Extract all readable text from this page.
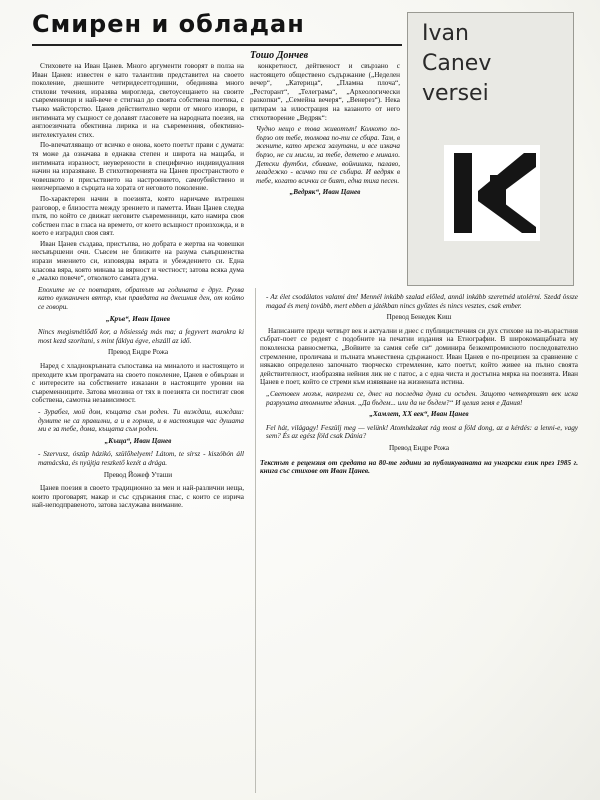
Смирен и обладан
Тошо Дончев

Стиховете на Иван Цанев. Много аргументи говорят в полза на Иван Цанев: известен е като талантлив представител на своето поколение, днешните четиридесетгодишни, обединява много стилови течения, изразява мирогледа, светоусещането на своите съвременници и най-вече е стигнал до своята собствена поетика, с тънко майсторство. Цанев действително черпи от много извори, в интимната му същност се долавят гласовете на народната поезия, на англоезичната обективна лирика и на съвременния, обективно-интелектуален стих.

По-впечатляващо от всичко е онова, което поетът прави с думата: тя може да означава в еднаква степен и широта на мащаба, и интимната изразност, неуверености в специфично индивидуалния начин на изразяване. В стихотворенията на Цанев пространството е човешкото и присъствието на настроението, самоубийствено и неизчерпаемо в сърцата на хората от неговото поколение.

По-характерен начин в поезията, която наричаме вътрешен разговор, е близостта между зрението и паметта. Иван Цанев следва пътя, по който се движат неговите съвременници, като намира своя собствен глас в гласа на времето, от което всъщност произхожда, и в което е изградил своя свят.

Иван Цанев създава, пристъпва, но добрата е жертва на човешки несъвършени очи. Съвсем не близките на разума съвършенства изрази мнението си, изповядва вярата и убеждението си. Една класова вяра, която минава за вярност и честност; затова всяка дума е „малко повече“, отколкото самата дума.

Епохите не се повтарят, обратът на годината е друг. Рухва като вулканичен вятър, към правдата на днешния ден, от който се говори.

„Кръв“, Иван Цанев

Nincs megismétlődő kor, a hősiesség más ma; a fegyvert marokra ki most kezd szorítani, s mint fáklya égve, elszáll az idő.

Превод Ендре Рожа

Наред с хладнокръвната съпоставка на миналото и настоящето и преходите към програмата на своето поколение, Цанев е обвързан и с интересите на собствените изказани в настоящите уровни на съвременниците. Затова мнозина от тях в поезията си постигат своя собствена, самотна независимост.

- Зурабел, мой дом, къщата съм роден. Ти виждаш, виждаш: думите не са правилни, а и в горния, и в настоящия час душата ми е за тебе, дома, къщата съм роден.

„Къща“, Иван Цанев

- Szervusz, ószüp házikó, szülőhelyem! Látom, te sírsz - kiszóbón áll mamácska, és nyújtja reszkető kezét a drága.

Превод Йожеф Уташи

Цанев поезия в своето традиционно за мен и най-различни неща, които проговарят, макар и със сдържания глас, с които се изрича най-неподправеното, затова заслужава внимание.

конкретност, дейтвеност и свързано с настоящето обществено съдържание („Неделен вечер“, „Катерица“, „Пламна плоча“, „Ресторант“, „Телеграма“, „Археологически разкопки“, „Семейна вечеря“, „Венерез“). Нека цитирам за илюстрация на казаното от него стихотворение „Ведряк“:

Чудно нещо е това животът! Колкото по-бързо от тебе, толкова по-ти се сбира. Там, в жените, като мрежа залутани, и все изкача бързо, не си мисли, за тебе, детето е минало. Детски футбол, сбиване, войнишки, палаво, младежко - всичко ти се събира. И ведряк в тебе, когато всички се бият, една тиха песен.

„Ведряк“, Иван Цанев

- Az élet csodálatos valami ám! Mennél inkább szalad előled, annál inkább szeretnéd utolérni. Szedd össze magad és menj tovább, mert ebben a játékban nincs győztes és nincs vesztes, csak ember.

Превод Бенедек Киш

Написаните преди четвърт век и актуални и днес с публицистичния си дух стихове на по-възрастния събрат-поет се редеят с подобните на печатни издания на Етнографии. В широкомащабната му поколенска равносметка, „Войвите за самия себе си“ доминира безкомпромисното последователно стремление, проличава и пълната мъжествена сдържаност. Иван Цанев е по-прецизен за сравнение с някакво определено започнато творческо стремление, като поетът, който живее на пълно своята действителност, изобразява нейния лик не с патос, а с една чиста и достъпна мярка на поезията. Иван Цанев е поет, който се стреми към изявяване на жизнената истина.

„Световен мозък, напрегни се, днес на последна дума си осъден. Защото четвъртият век иска разрухата атомните здания. „Да бъдем... или да не бъдем?“ И целия земя е Дания!

„Хамлет, XX век“, Иван Цанев

Fel hát, világagy! Feszülj meg — velünk! Atomházakat rág most a föld dong, az a kérdés: a lenni-e, vagy sem? És az egész föld csak Dánia?

Превод Ендре Рожа

Текстът е рецензия от средата на 80-те години за публикуваната на унгарски език през 1985 г. книга със стихове от Иван Цанев.

Ivan
Canev
versei
